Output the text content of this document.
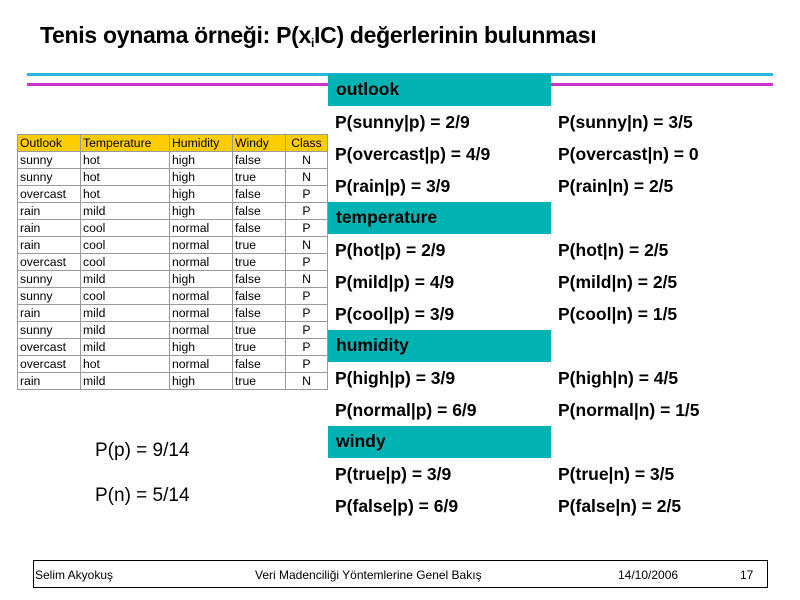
Tenis oynama örneği: $P(x_iIC)$ değerlerinin bulunması
Outlook	Temperature	Humidity	Windy	Class
sunny	hot	high	false	N
sunny	hot	high	true	N
overcast	hot	high	false	P
rain	mild	high	false	P
rain	cool	normal	false	P
rain	cool	normal	true	N
overcast	cool	normal	true	P
sunny	mild	high	false	N
sunny	cool	normal	false	P
rain	mild	normal	false	P
sunny	mild	normal	true	P
overcast	mild	high	true	P
overcast	hot	normal	false	P
rain	mild	high	true	N
outlook
P(sunny|p) = 2/9	P(sunny|n) = 3/5
P(overcast|p) = 4/9	P(overcast|n) = 0
P(rain|p) = 3/9	P(rain|n) = 2/5
temperature
P(hot|p) = 2/9	P(hot|n) = 2/5
P(mild|p) = 4/9	P(mild|n) = 2/5
P(cool|p) = 3/9	P(cool|n) = 1/5
humidity
P(high|p) = 3/9	P(high|n) = 4/5
P(normal|p) = 6/9	P(normal|n) = 1/5
windy
P(true|p) = 3/9	P(true|n) = 3/5
P(false|p) = 6/9	P(false|n) = 2/5
P(p) = 9/14
P(n) = 5/14
Selim Akyokuş	Veri Madenciliği Yöntemlerine Genel Bakış	14/10/2006	17
